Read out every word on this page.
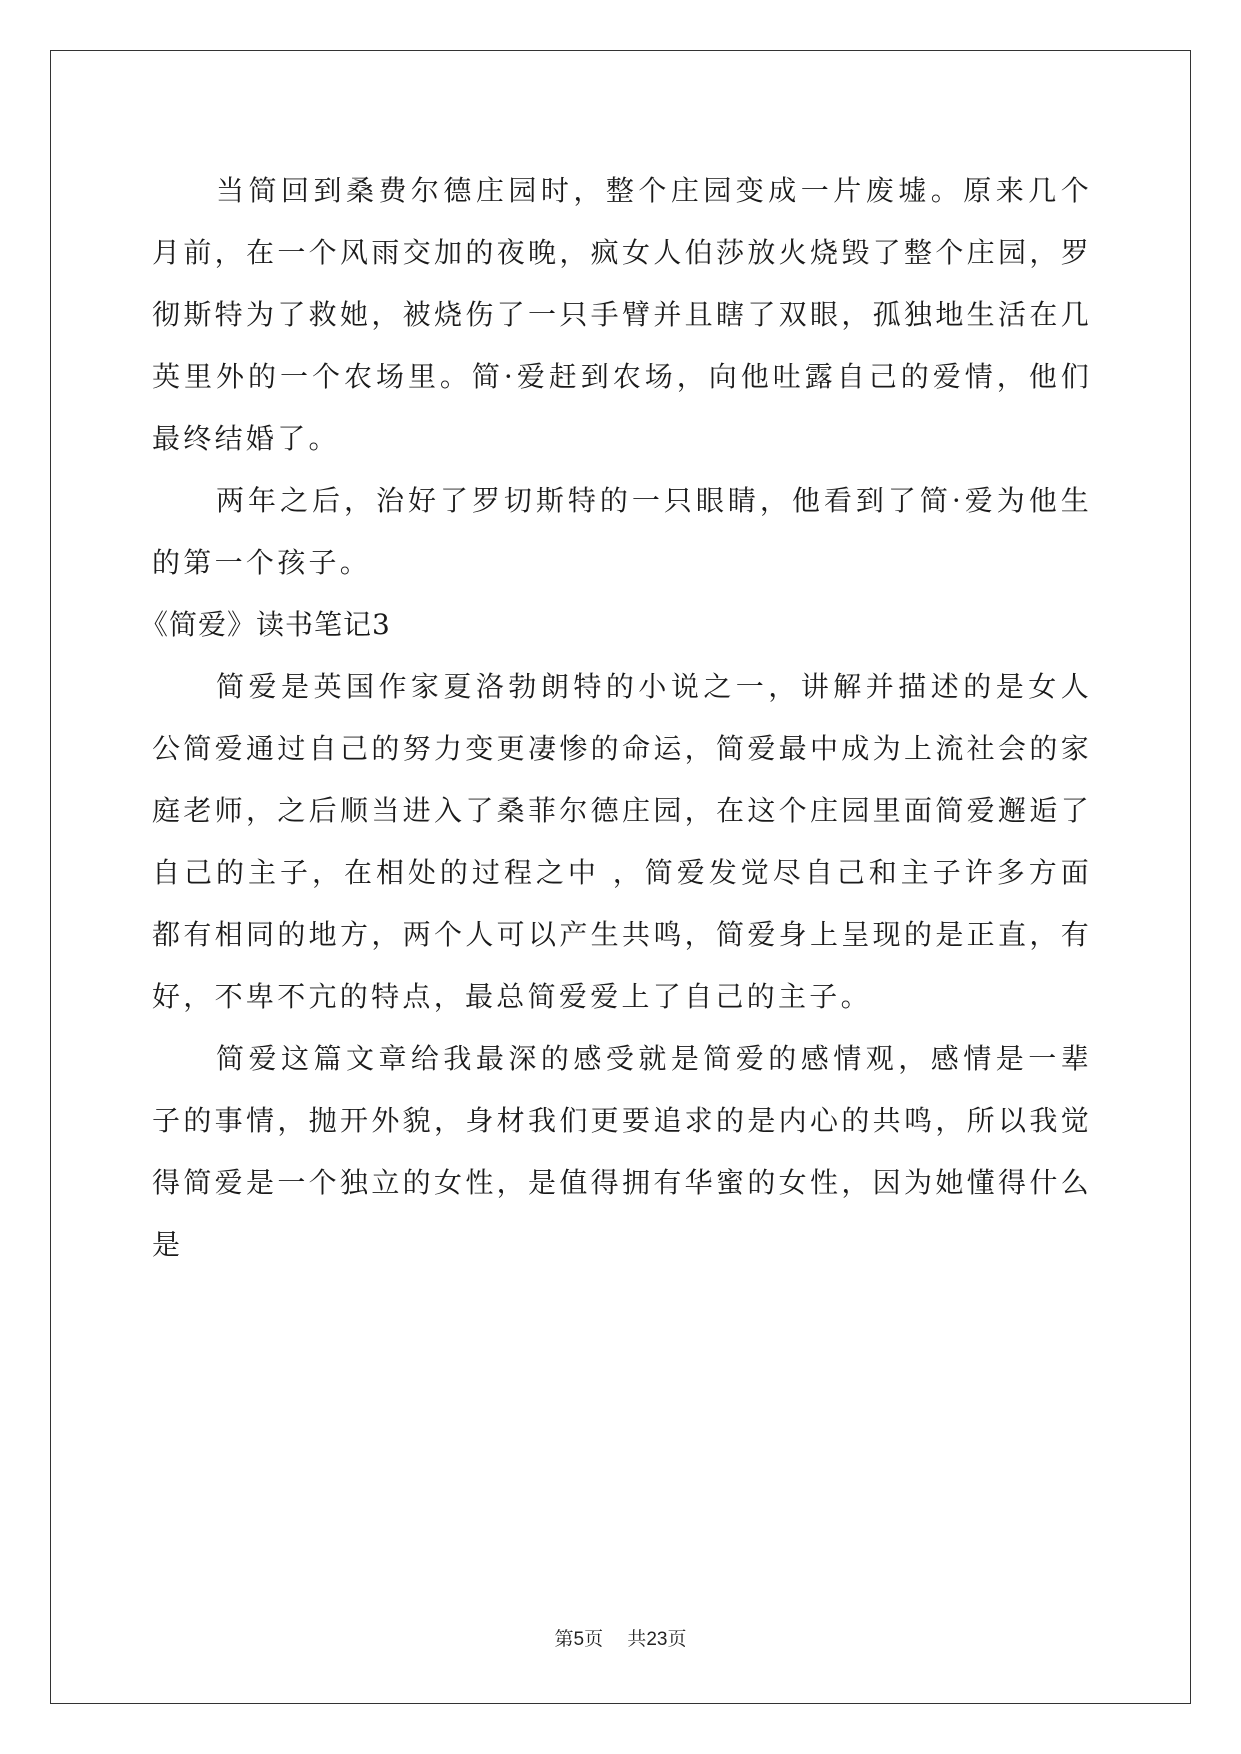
当简回到桑费尔德庄园时，整个庄园变成一片废墟。原来几个月前，在一个风雨交加的夜晚，疯女人伯莎放火烧毁了整个庄园，罗彻斯特为了救她，被烧伤了一只手臂并且瞎了双眼，孤独地生活在几英里外的一个农场里。简·爱赶到农场，向他吐露自己的爱情，他们最终结婚了。

两年之后，治好了罗切斯特的一只眼睛，他看到了简·爱为他生的第一个孩子。

《简爱》读书笔记3

简爱是英国作家夏洛勃朗特的小说之一，讲解并描述的是女人公简爱通过自己的努力变更凄惨的命运，简爱最中成为上流社会的家庭老师，之后顺当进入了桑菲尔德庄园，在这个庄园里面简爱邂逅了自己的主子，在相处的过程之中 ，简爱发觉尽自己和主子许多方面都有相同的地方，两个人可以产生共鸣，简爱身上呈现的是正直，有好，不卑不亢的特点，最总简爱爱上了自己的主子。

简爱这篇文章给我最深的感受就是简爱的感情观，感情是一辈子的事情，抛开外貌，身材我们更要追求的是内心的共鸣，所以我觉得简爱是一个独立的女性，是值得拥有华蜜的女性，因为她懂得什么是

第5页 共23页
